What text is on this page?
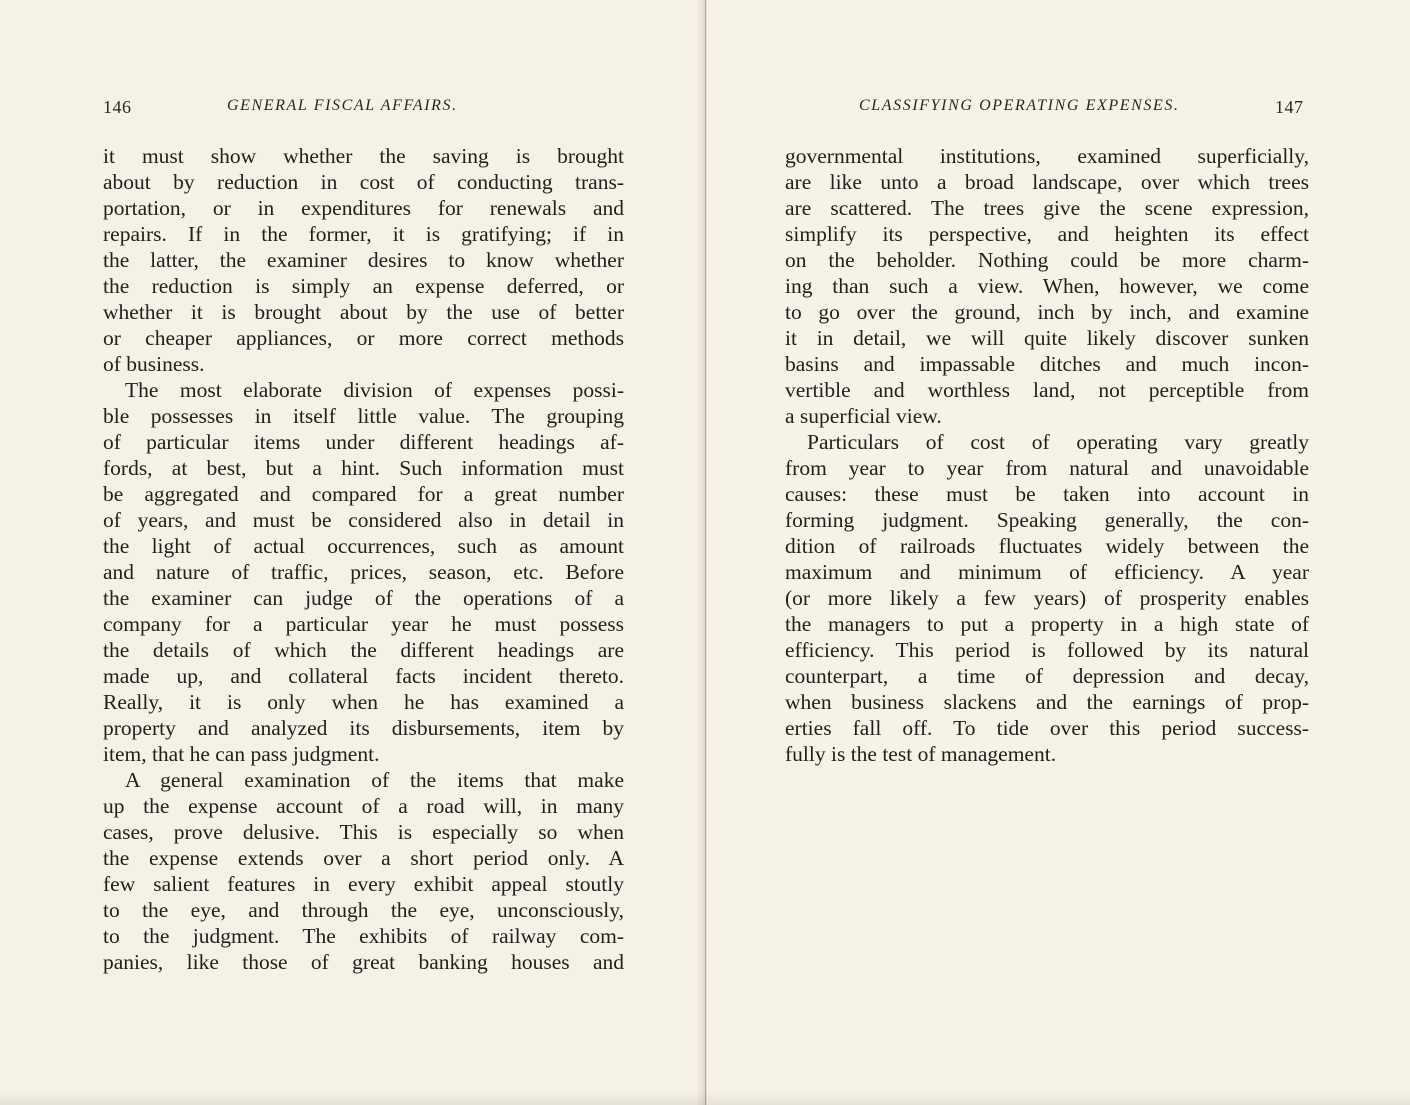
146	GENERAL FISCAL AFFAIRS.
it must show whether the saving is brought
about by reduction in cost of conducting trans-
portation, or in expenditures for renewals and
repairs. If in the former, it is gratifying; if in
the latter, the examiner desires to know whether
the reduction is simply an expense deferred, or
whether it is brought about by the use of better
or cheaper appliances, or more correct methods
of business.
The most elaborate division of expenses possi-
ble possesses in itself little value. The grouping
of particular items under different headings af-
fords, at best, but a hint. Such information must
be aggregated and compared for a great number
of years, and must be considered also in detail in
the light of actual occurrences, such as amount
and nature of traffic, prices, season, etc. Before
the examiner can judge of the operations of a
company for a particular year he must possess
the details of which the different headings are
made up, and collateral facts incident thereto.
Really, it is only when he has examined a
property and analyzed its disbursements, item by
item, that he can pass judgment.
A general examination of the items that make
up the expense account of a road will, in many
cases, prove delusive. This is especially so when
the expense extends over a short period only. A
few salient features in every exhibit appeal stoutly
to the eye, and through the eye, unconsciously,
to the judgment. The exhibits of railway com-
panies, like those of great banking houses and
CLASSIFYING OPERATING EXPENSES.	147
governmental institutions, examined superficially,
are like unto a broad landscape, over which trees
are scattered. The trees give the scene expression,
simplify its perspective, and heighten its effect
on the beholder. Nothing could be more charm-
ing than such a view. When, however, we come
to go over the ground, inch by inch, and examine
it in detail, we will quite likely discover sunken
basins and impassable ditches and much incon-
vertible and worthless land, not perceptible from
a superficial view.
Particulars of cost of operating vary greatly
from year to year from natural and unavoidable
causes: these must be taken into account in
forming judgment. Speaking generally, the con-
dition of railroads fluctuates widely between the
maximum and minimum of efficiency. A year
(or more likely a few years) of prosperity enables
the managers to put a property in a high state of
efficiency. This period is followed by its natural
counterpart, a time of depression and decay,
when business slackens and the earnings of prop-
erties fall off. To tide over this period success-
fully is the test of management.
